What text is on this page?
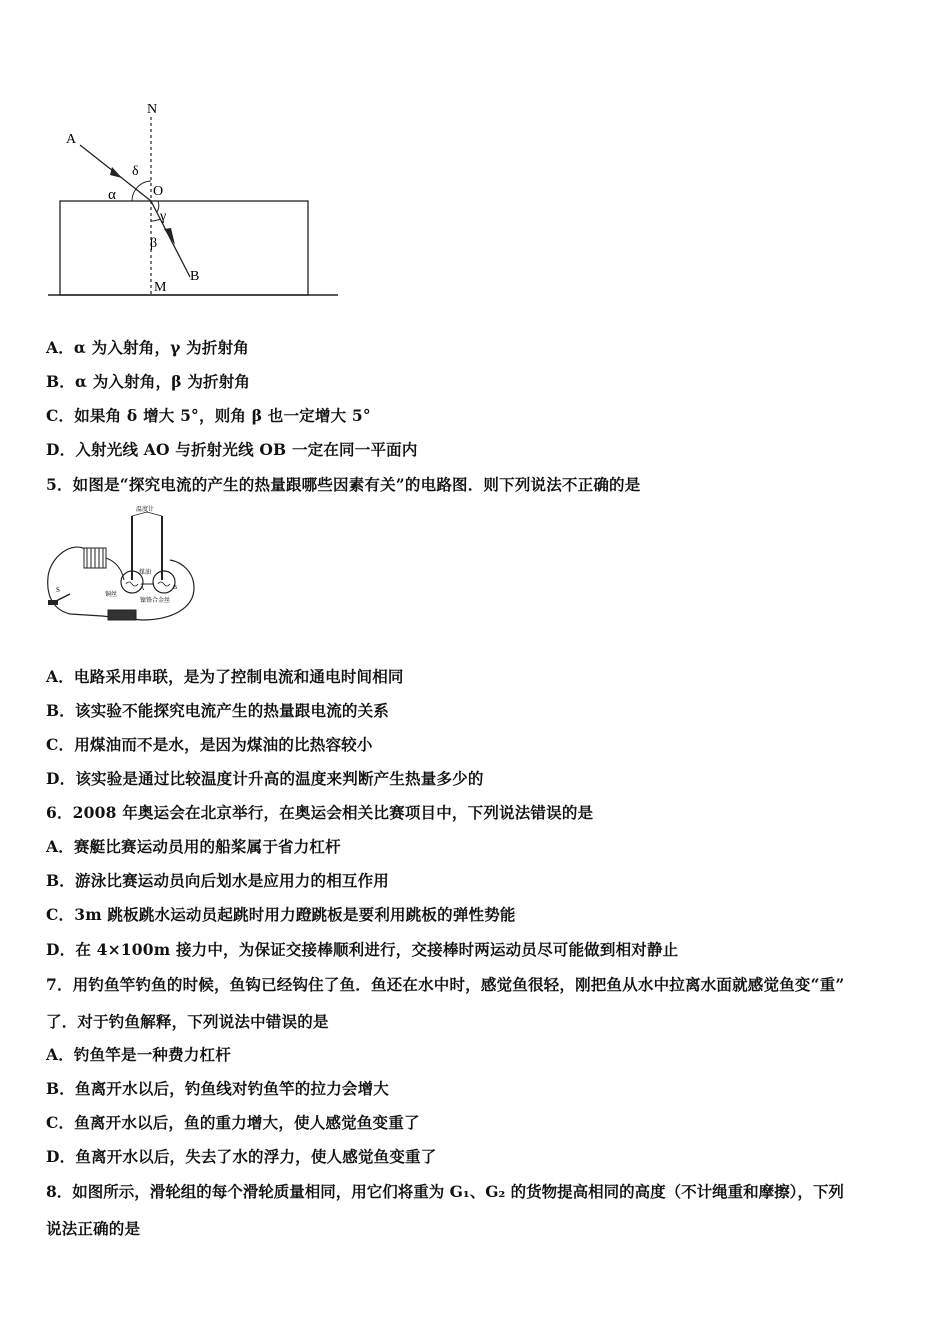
N
A
δ
O
α
γ
β
B
M
A．α 为入射角，γ 为折射角
B．α 为入射角，β 为折射角
C．如果角 δ 增大 5°，则角 β 也一定增大 5°
D．入射光线 AO 与折射光线 OB 一定在同一平面内
5．如图是“探究电流的产生的热量跟哪些因素有关”的电路图．则下列说法不正确的是
温度计
煤油
A	B
铜丝
镍铬合金丝
S
A．电路采用串联，是为了控制电流和通电时间相同
B．该实验不能探究电流产生的热量跟电流的关系
C．用煤油而不是水，是因为煤油的比热容较小
D．该实验是通过比较温度计升高的温度来判断产生热量多少的
6．2008 年奥运会在北京举行，在奥运会相关比赛项目中，下列说法错误的是
A．赛艇比赛运动员用的船桨属于省力杠杆
B．游泳比赛运动员向后划水是应用力的相互作用
C．3m 跳板跳水运动员起跳时用力蹬跳板是要利用跳板的弹性势能
D．在 4×100m 接力中，为保证交接棒顺利进行，交接棒时两运动员尽可能做到相对静止
7．用钓鱼竿钓鱼的时候，鱼钩已经钩住了鱼．鱼还在水中时，感觉鱼很轻，刚把鱼从水中拉离水面就感觉鱼变“重”
了．对于钓鱼解释，下列说法中错误的是
A．钓鱼竿是一种费力杠杆
B．鱼离开水以后，钓鱼线对钓鱼竿的拉力会增大
C．鱼离开水以后，鱼的重力增大，使人感觉鱼变重了
D．鱼离开水以后，失去了水的浮力，使人感觉鱼变重了
8．如图所示，滑轮组的每个滑轮质量相同，用它们将重为 G₁、G₂ 的货物提高相同的高度（不计绳重和摩擦），下列
说法正确的是
